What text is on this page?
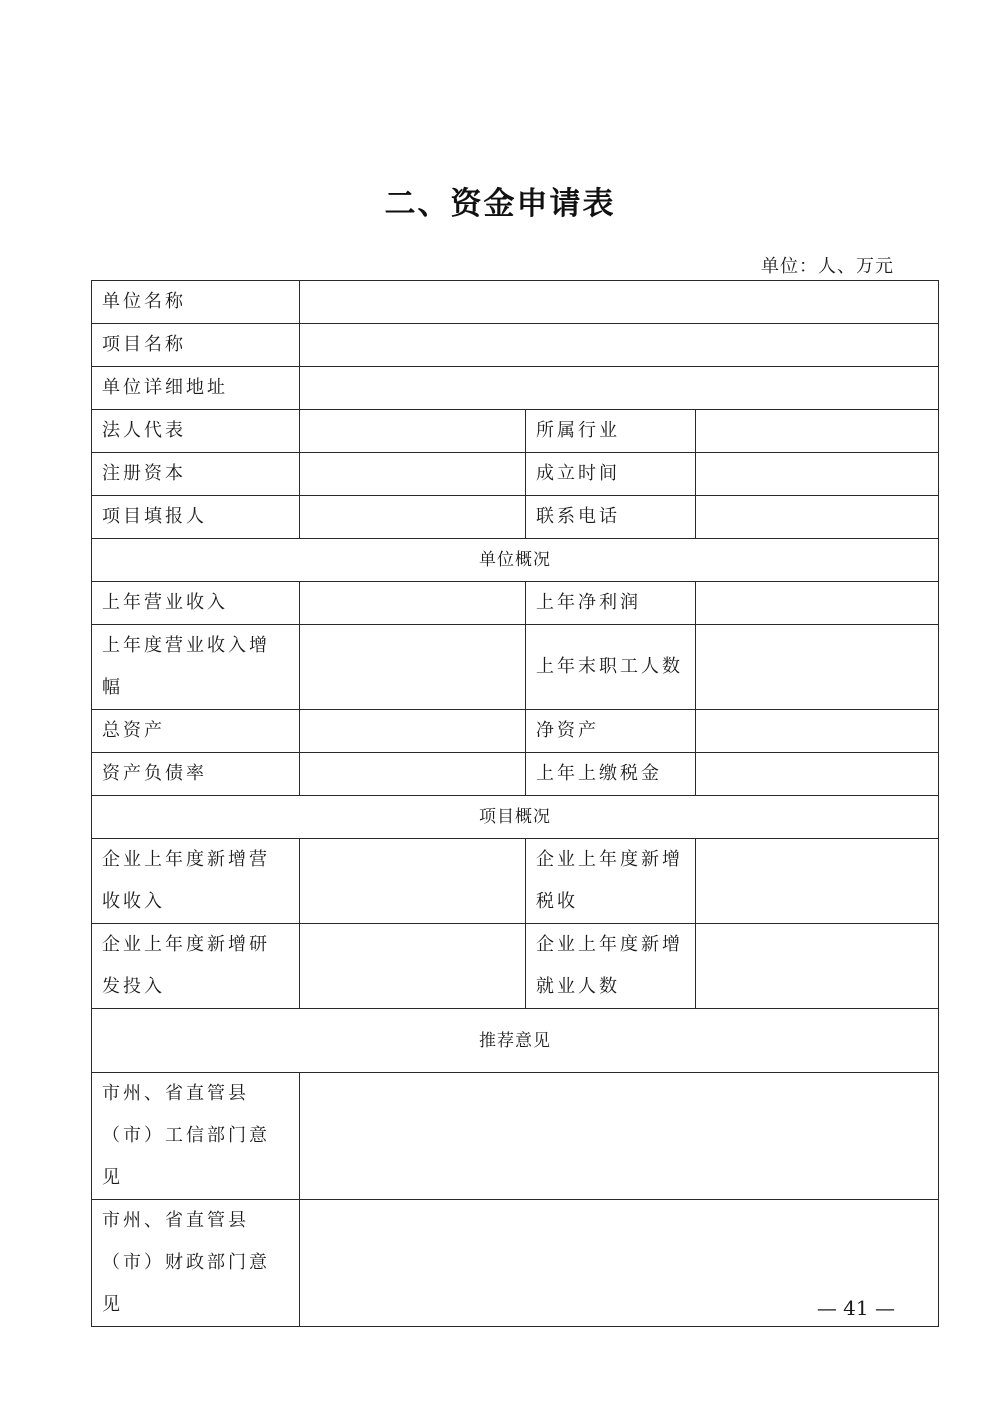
二、资金申请表
单位：人、万元
单位名称			
项目名称			
单位详细地址			
法人代表		所属行业	
注册资本		成立时间	
项目填报人		联系电话	
单位概况			
上年营业收入		上年净利润	
上年度营业收入增幅		上年末职工人数	
总资产		净资产	
资产负债率		上年上缴税金	
项目概况			
企业上年度新增营收收入		企业上年度新增税收	
企业上年度新增研发投入		企业上年度新增就业人数	
推荐意见			
市州、省直管县（市）工信部门意见			
市州、省直管县（市）财政部门意见				— 41 —
